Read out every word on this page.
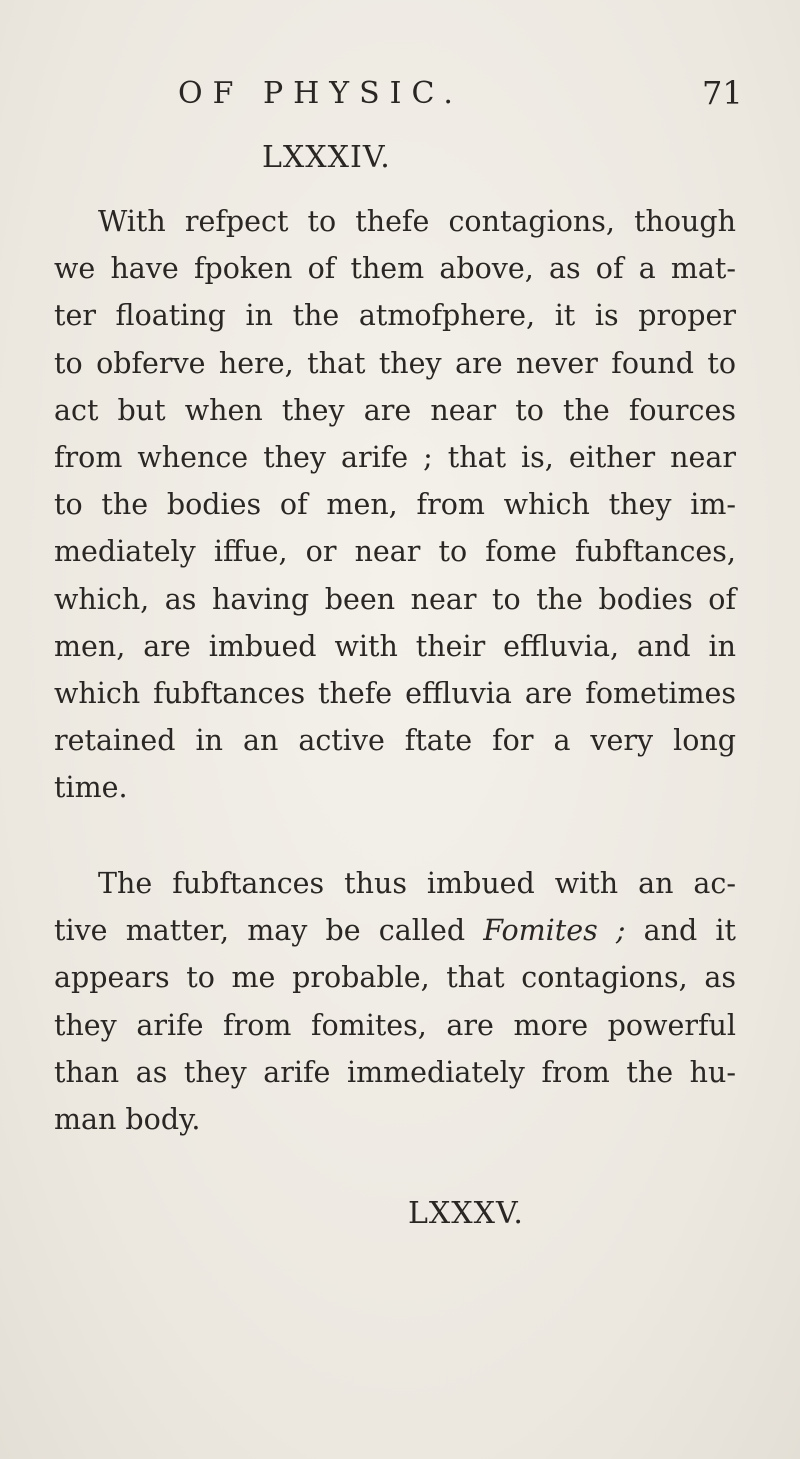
OF PHYSIC.	71
LXXXIV.
With refpect to thefe contagions, though
we have fpoken of them above, as of a mat-
ter floating in the atmofphere, it is proper
to obferve here, that they are never found to
act but when they are near to the fources
from whence they arife ; that is, either near
to the bodies of men, from which they im-
mediately iffue, or near to fome fubftances,
which, as having been near to the bodies of
men, are imbued with their effluvia, and in
which fubftances thefe effluvia are fometimes
retained in an active ftate for a very long
time.
The fubftances thus imbued with an ac-
tive matter, may be called Fomites ; and it
appears to me probable, that contagions, as
they arife from fomites, are more powerful
than as they arife immediately from the hu-
man body.
LXXXV.
